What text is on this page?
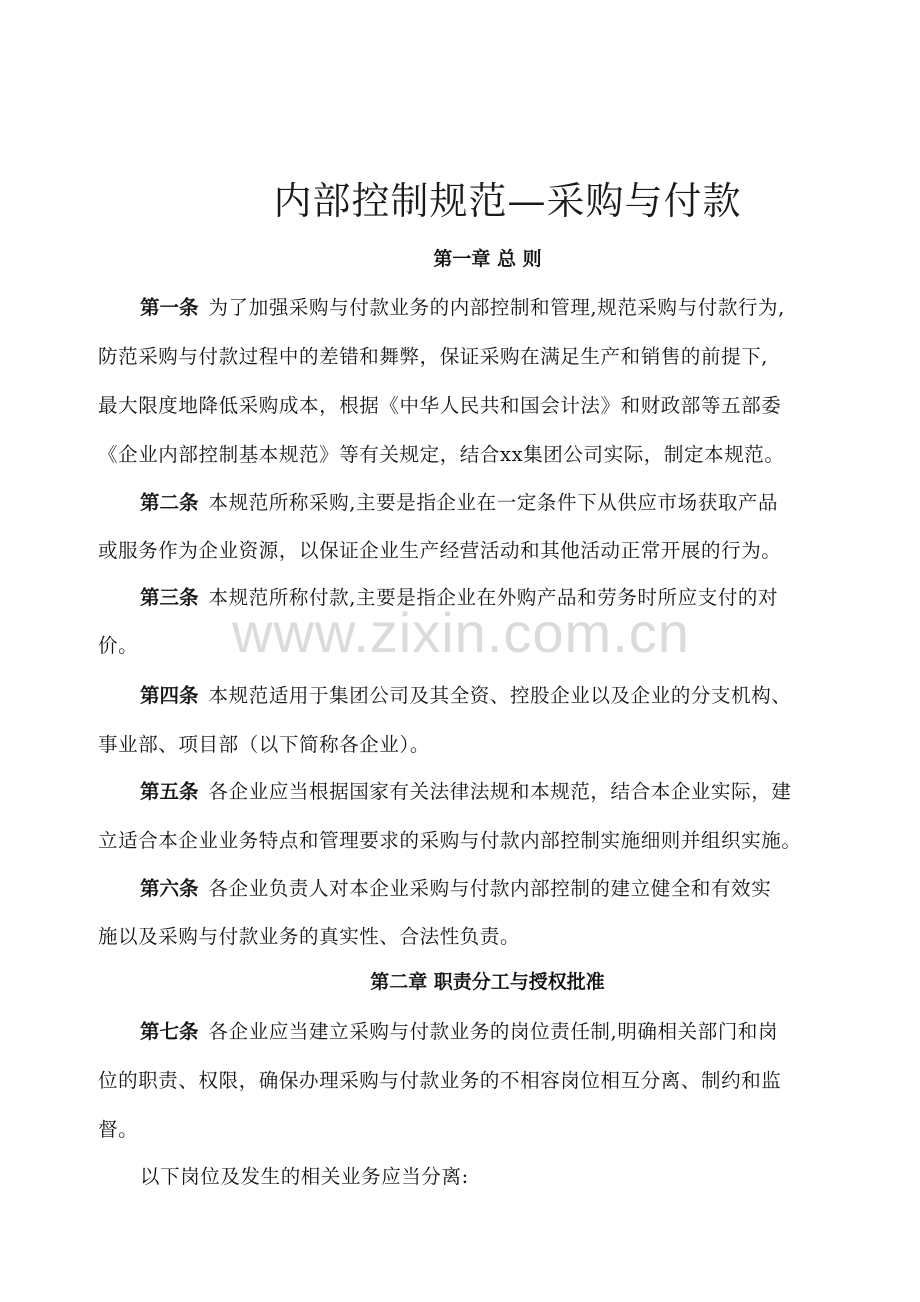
内部控制规范—采购与付款
第一章 总 则
第一条 为了加强采购与付款业务的内部控制和管理,规范采购与付款行为,
防范采购与付款过程中的差错和舞弊，保证采购在满足生产和销售的前提下,
最大限度地降低采购成本，根据《中华人民共和国会计法》和财政部等五部委
《企业内部控制基本规范》等有关规定，结合xx集团公司实际，制定本规范。
第二条 本规范所称采购,主要是指企业在一定条件下从供应市场获取产品
或服务作为企业资源，以保证企业生产经营活动和其他活动正常开展的行为。
第三条 本规范所称付款,主要是指企业在外购产品和劳务时所应支付的对
价。
第四条 本规范适用于集团公司及其全资、控股企业以及企业的分支机构、
事业部、项目部（以下简称各企业）。
第五条 各企业应当根据国家有关法律法规和本规范，结合本企业实际，建
立适合本企业业务特点和管理要求的采购与付款内部控制实施细则并组织实施。
第六条 各企业负责人对本企业采购与付款内部控制的建立健全和有效实
施以及采购与付款业务的真实性、合法性负责。
第二章 职责分工与授权批准
第七条 各企业应当建立采购与付款业务的岗位责任制,明确相关部门和岗
位的职责、权限，确保办理采购与付款业务的不相容岗位相互分离、制约和监
督。
以下岗位及发生的相关业务应当分离:
www.zixin.com.cn
